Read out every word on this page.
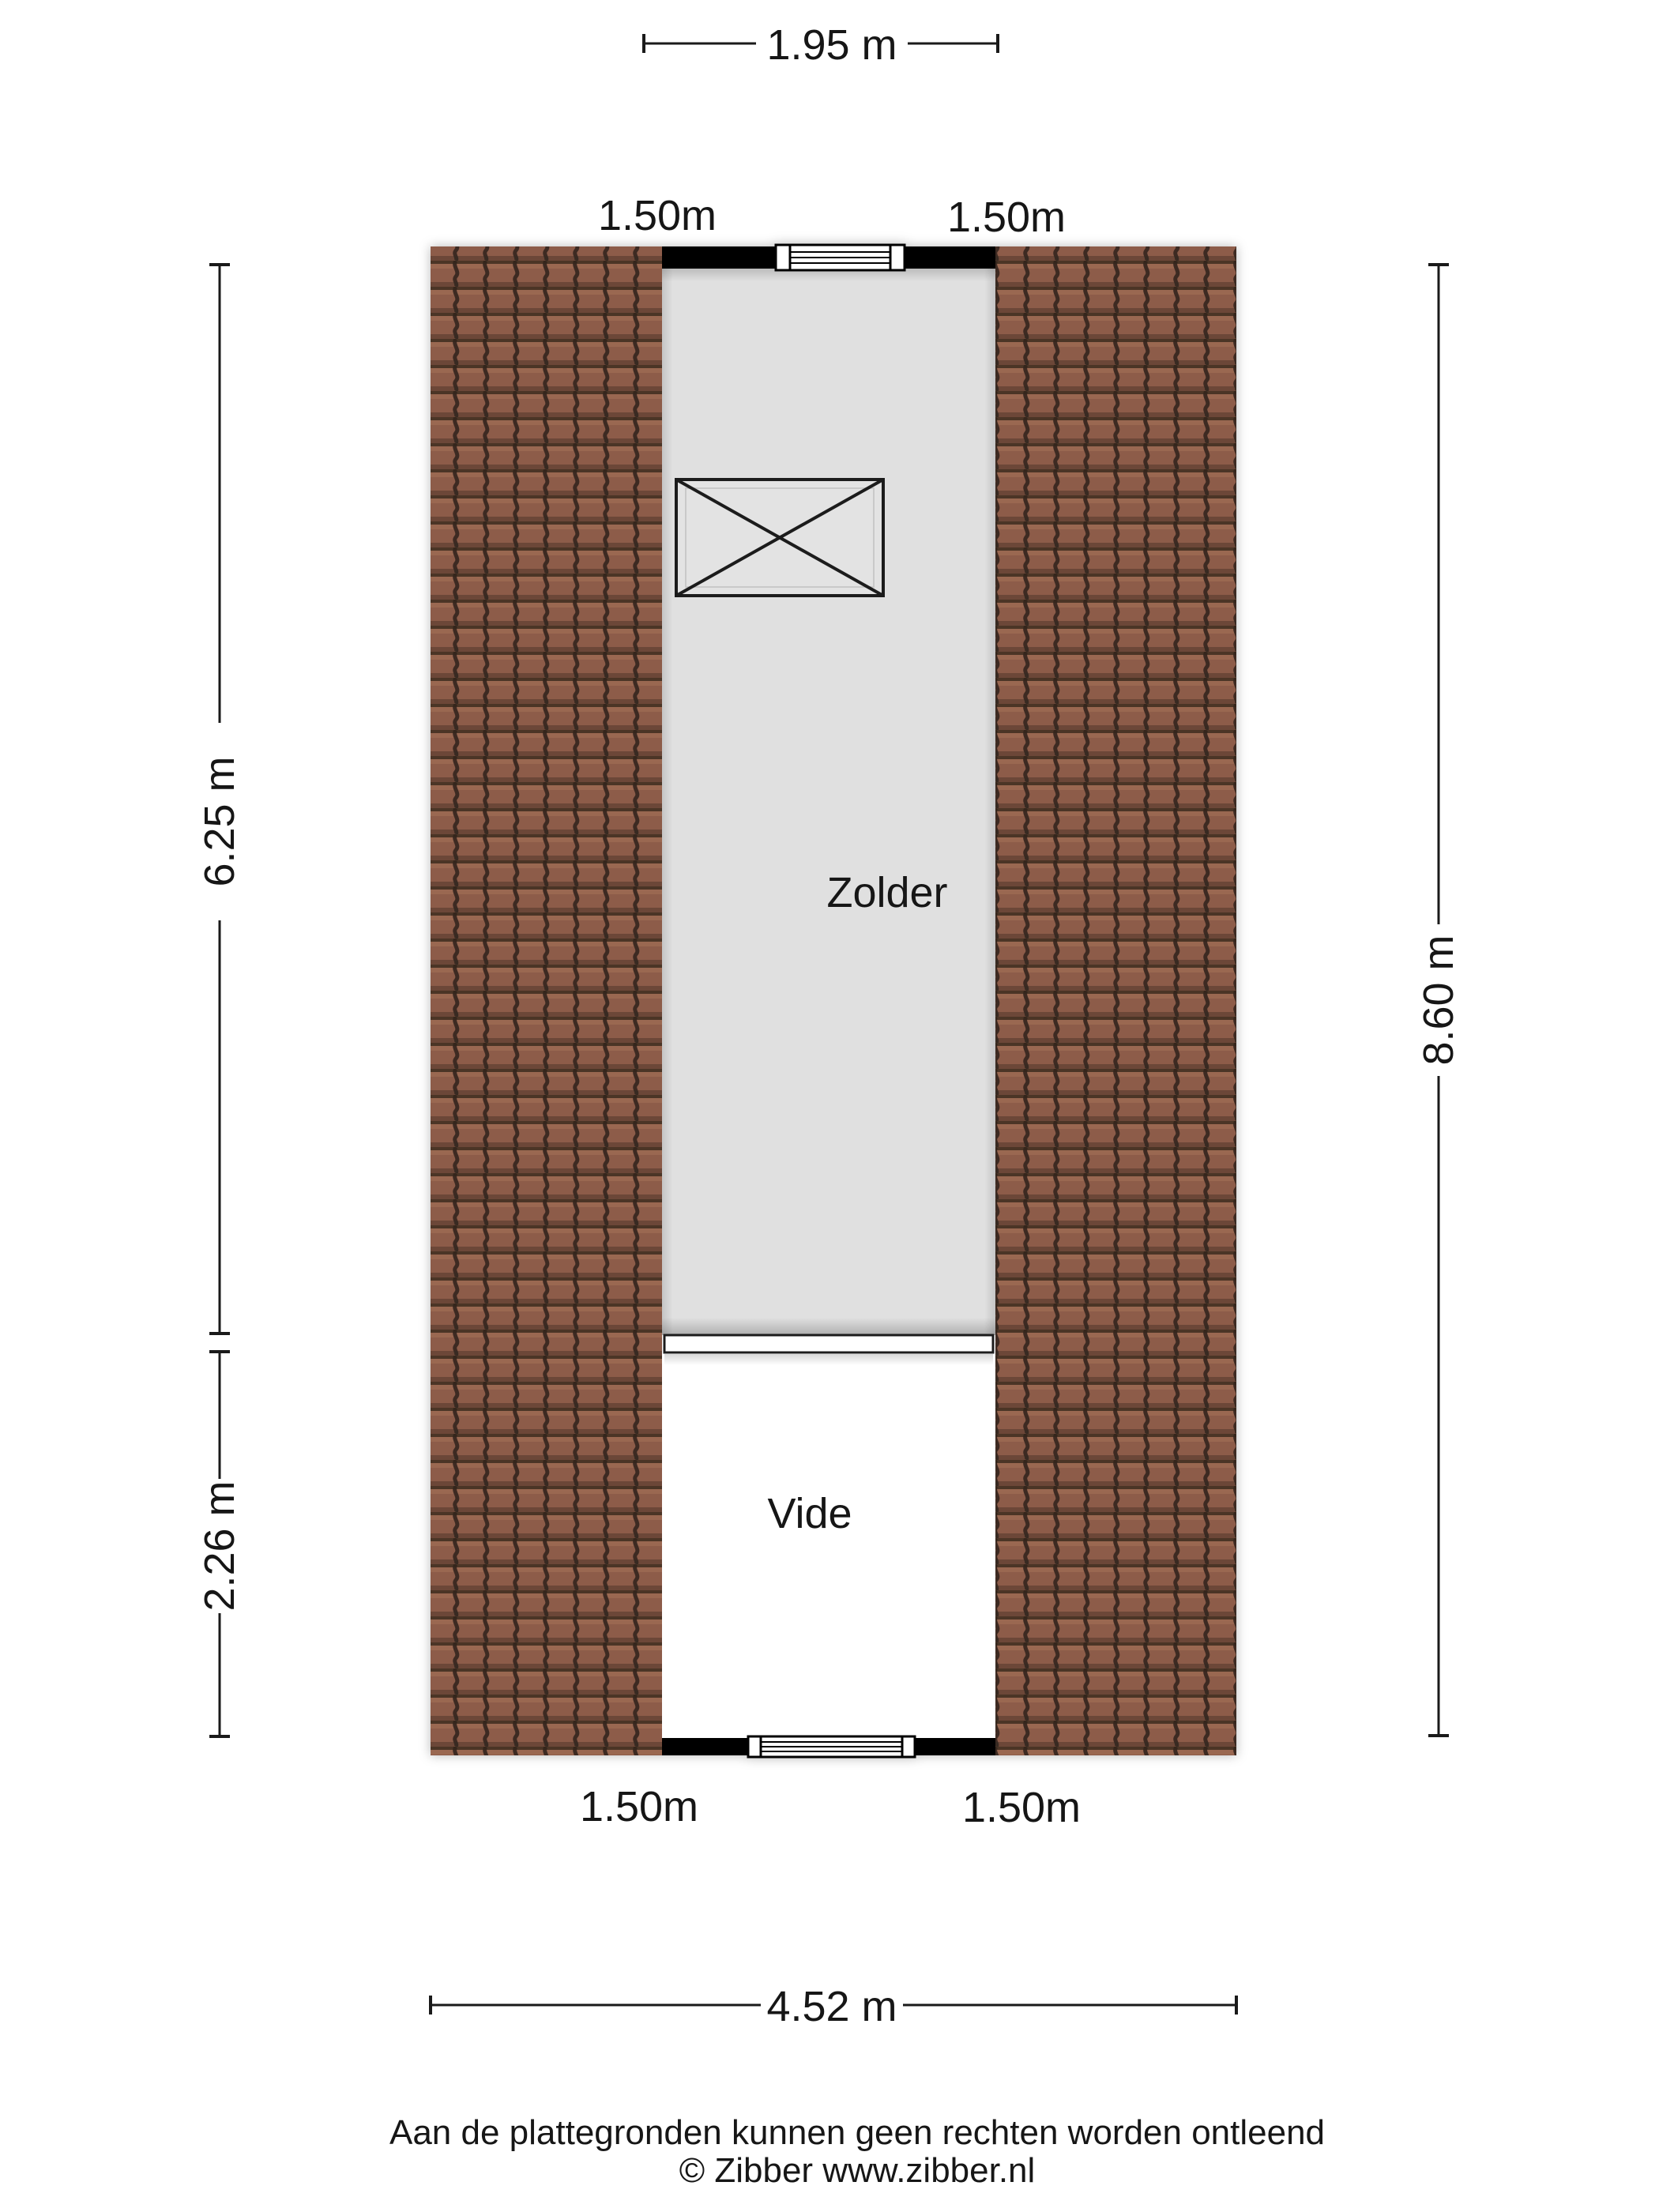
1.95 m
1.50m	1.50m
6.25 m
2.26 m
8.60 m
Zolder
Vide
1.50m	1.50m
4.52 m
Aan de plattegronden kunnen geen rechten worden ontleend
© Zibber www.zibber.nl
